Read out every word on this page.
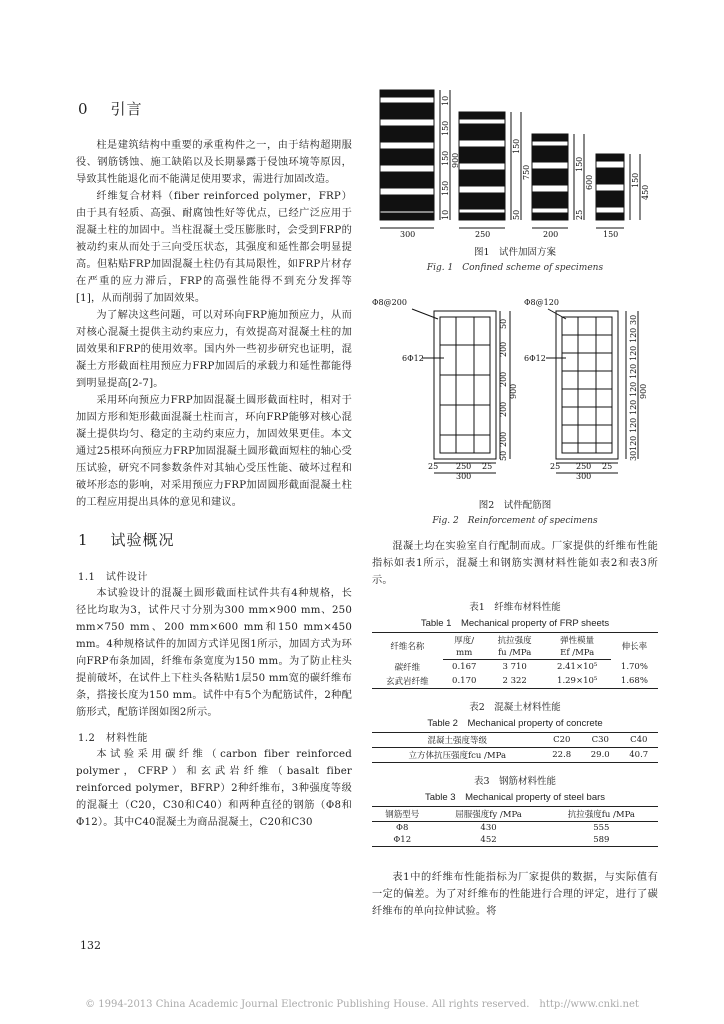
0 引言

柱是建筑结构中重要的承重构件之一，由于结构超期服役、钢筋锈蚀、施工缺陷以及长期暴露于侵蚀环境等原因，导致其性能退化而不能满足使用要求，需进行加固改造。

纤维复合材料（fiber reinforced polymer，FRP）由于具有轻质、高强、耐腐蚀性好等优点，已经广泛应用于混凝土柱的加固中。当柱混凝土受压膨胀时，会受到FRP的被动约束从而处于三向受压状态，其强度和延性都会明显提高。但粘贴FRP加固混凝土柱仍有其局限性，如FRP片材存在严重的应力滞后，FRP的高强性能得不到充分发挥等[1]，从而削弱了加固效果。

为了解决这些问题，可以对环向FRP施加预应力，从而对核心混凝土提供主动约束应力，有效提高对混凝土柱的加固效果和FRP的使用效率。国内外一些初步研究也证明，混凝土方形截面柱用预应力FRP加固后的承载力和延性都能得到明显提高[2-7]。

采用环向预应力FRP加固混凝土圆形截面柱时，相对于加固方形和矩形截面混凝土柱而言，环向FRP能够对核心混凝土提供均匀、稳定的主动约束应力，加固效果更佳。本文通过25根环向预应力FRP加固混凝土圆形截面短柱的轴心受压试验，研究不同参数条件对其轴心受压性能、破坏过程和破坏形态的影响，对采用预应力FRP加固圆形截面混凝土柱的工程应用提出具体的意见和建议。

1 试验概况
1.1　试件设计

本试验设计的混凝土圆形截面柱试件共有4种规格，长径比均取为3，试件尺寸分别为300 mm×900 mm、250 mm×750 mm、200 mm×600 mm和150 mm×450 mm。4种规格试件的加固方式详见图1所示，加固方式为环向FRP布条加固，纤维布条宽度为150 mm。为了防止柱头提前破坏，在试件上下柱头各粘贴1层50 mm宽的碳纤维布条，搭接长度为150 mm。试件中有5个为配筋试件，2种配筋形式，配筋详图如图2所示。

1.2　材料性能

本试验采用碳纤维（carbon fiber reinforced polymer，CFRP）和玄武岩纤维（basalt fiber reinforced polymer，BFRP）2种纤维布，3种强度等级的混凝土（C20，C30和C40）和两种直径的钢筋（Φ8和Φ12）。其中C40混凝土为商品混凝土，C20和C30

300	250	200	150
10
150
150
150
900
150
750
150
600	150
450
10	50	25
图1　试件加固方案
Fig. 1　Confined scheme of specimens
Φ8@200	Φ8@120
6Φ12	6Φ12
25 250 25
300
25 250 25
300
50
200
200
200
200
50
900
30
120
120
120
120
120
120
120
30
900
图2　试件配筋图
Fig. 2　Reinforcement of specimens

混凝土均在实验室自行配制而成。厂家提供的纤维布性能指标如表1所示，混凝土和钢筋实测材料性能如表2和表3所示。

表1　纤维布材料性能
Table 1　Mechanical property of FRP sheets
纤维名称	厚度/	抗拉强度	弹性模量	伸长率
	mm	fu /MPa	Ef /MPa	
碳纤维	0.167	3 710	2.41×10⁵	1.70%
玄武岩纤维	0.170	2 322	1.29×10⁵	1.68%
表2　混凝土材料性能
Table 2　Mechanical property of concrete
混凝土强度等级	C20	C30	C40
立方体抗压强度fcu /MPa	22.8	29.0	40.7
表3　钢筋材料性能
Table 3　Mechanical property of steel bars
钢筋型号	屈服强度fy /MPa	抗拉强度fu /MPa
Φ8	430	555
Φ12	452	589

表1中的纤维布性能指标为厂家提供的数据，与实际值有一定的偏差。为了对纤维布的性能进行合理的评定，进行了碳纤维布的单向拉伸试验。将

132
© 1994-2013 China Academic Journal Electronic Publishing House. All rights reserved.　http://www.cnki.net
